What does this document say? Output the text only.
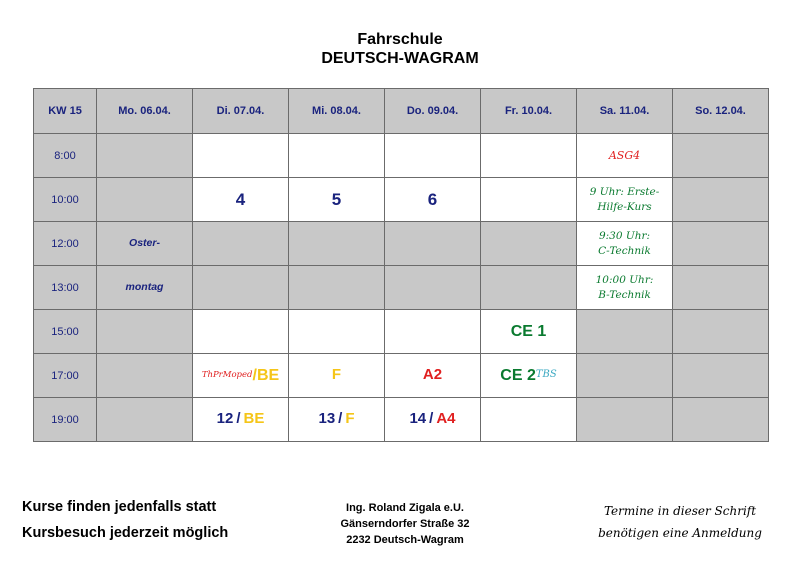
Fahrschule
DEUTSCH-WAGRAM
KW 15	Mo. 06.04.	Di. 07.04.	Mi. 08.04.	Do. 09.04.	Fr. 10.04.	Sa. 11.04.	So. 12.04.
8:00						ASG4	

10:00		4	5	6		9 Uhr: Erste-
Hilfe-Kurs	

12:00	Oster-					9:30 Uhr:
C-Technik	

13:00	montag					10:00 Uhr:
B-Technik	

15:00					CE 1		

17:00		ThPrMoped / BE	F	A2	CE 2 TBS		

19:00		12 / BE	13 / F	14 / A4			

Kurse finden jedenfalls statt
Kursbesuch jederzeit möglich
Ing. Roland Zigala e.U.
Gänserndorfer Straße 32
2232 Deutsch-Wagram
Termine in dieser Schrift
benötigen eine Anmeldung
